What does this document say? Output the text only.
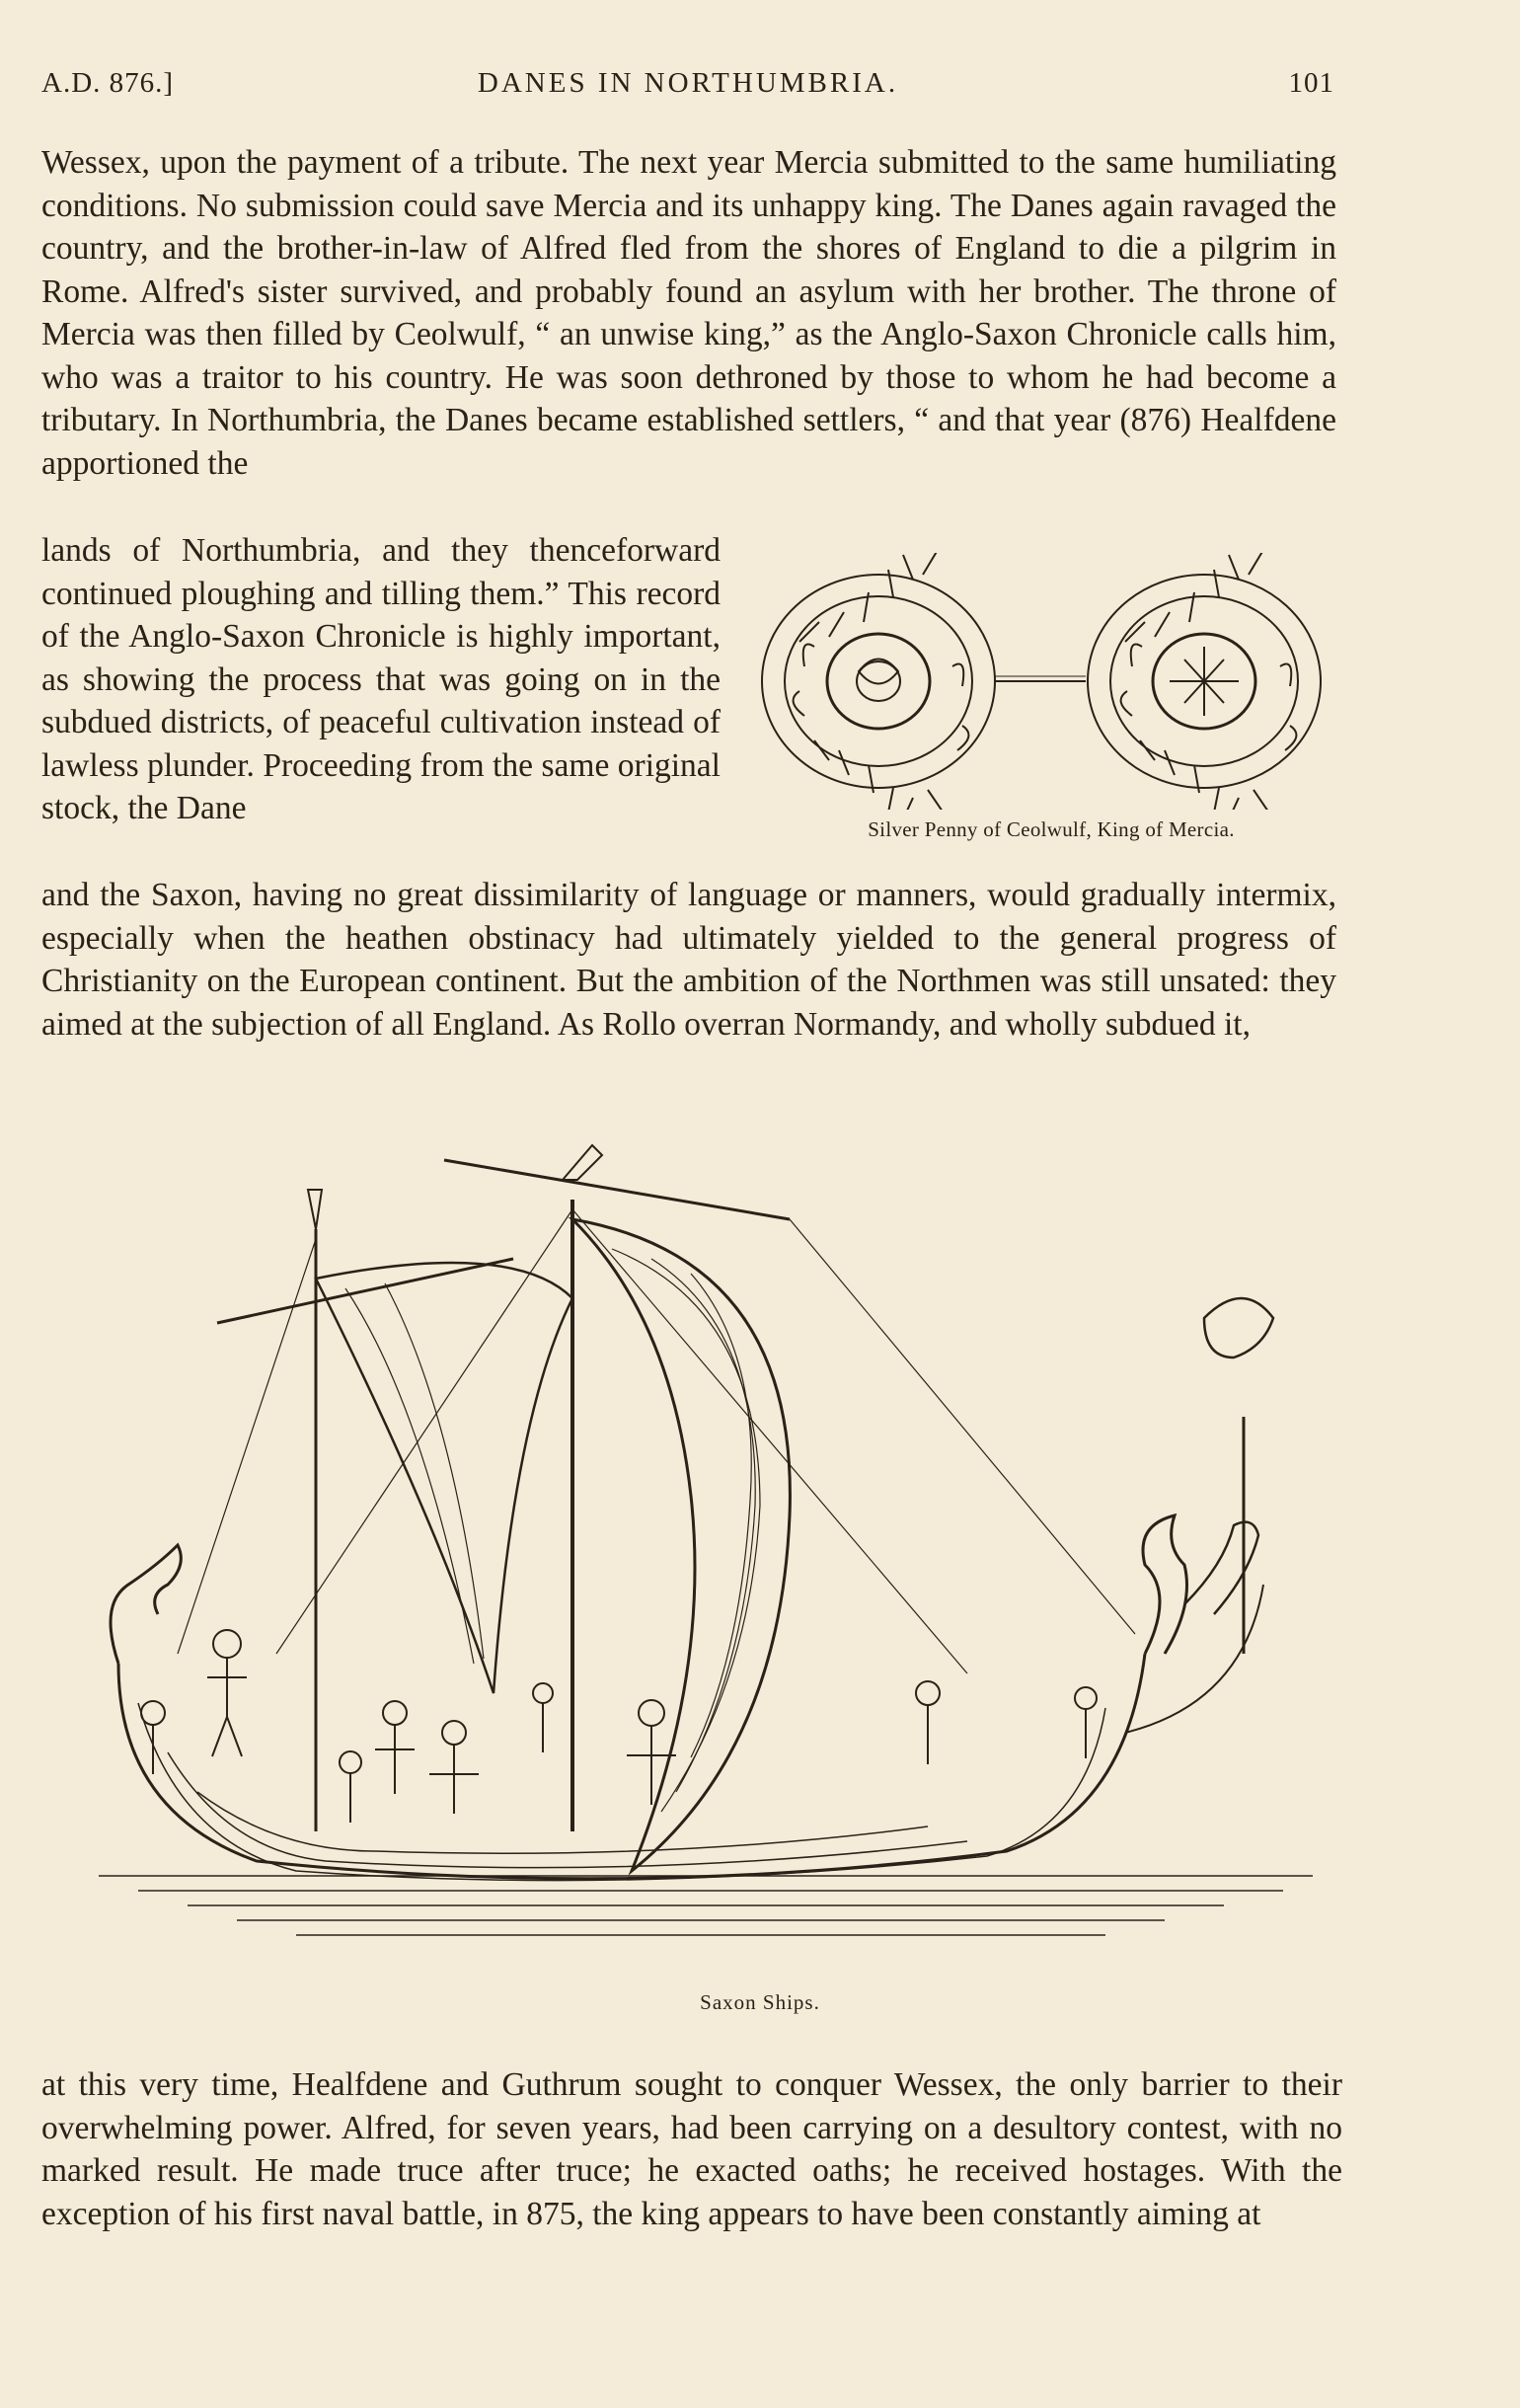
A.D. 876.]	DANES IN NORTHUMBRIA.	101
Wessex, upon the payment of a tribute. The next year Mercia submitted to the same humiliating conditions. No submission could save Mercia and its unhappy king. The Danes again ravaged the country, and the brother-in-law of Alfred fled from the shores of England to die a pilgrim in Rome. Alfred's sister survived, and probably found an asylum with her brother. The throne of Mercia was then filled by Ceolwulf, “ an unwise king,” as the Anglo-Saxon Chronicle calls him, who was a traitor to his country. He was soon dethroned by those to whom he had become a tributary. In Northumbria, the Danes became established settlers, “ and that year (876) Healfdene apportioned the
lands of Northumbria, and they thenceforward continued ploughing and tilling them.” This record of the Anglo-Saxon Chronicle is highly important, as showing the process that was going on in the subdued districts, of peaceful cultivation instead of lawless plunder. Proceeding from the same original stock, the Dane
Silver Penny of Ceolwulf, King of Mercia.
and the Saxon, having no great dissimilarity of language or manners, would gradually intermix, especially when the heathen obstinacy had ultimately yielded to the general progress of Christianity on the European continent. But the ambition of the Northmen was still unsated: they aimed at the subjection of all England. As Rollo overran Normandy, and wholly subdued it,
Saxon Ships.
at this very time, Healfdene and Guthrum sought to conquer Wessex, the only barrier to their overwhelming power. Alfred, for seven years, had been carrying on a desultory contest, with no marked result. He made truce after truce; he exacted oaths; he received hostages. With the exception of his first naval battle, in 875, the king appears to have been constantly aiming at
